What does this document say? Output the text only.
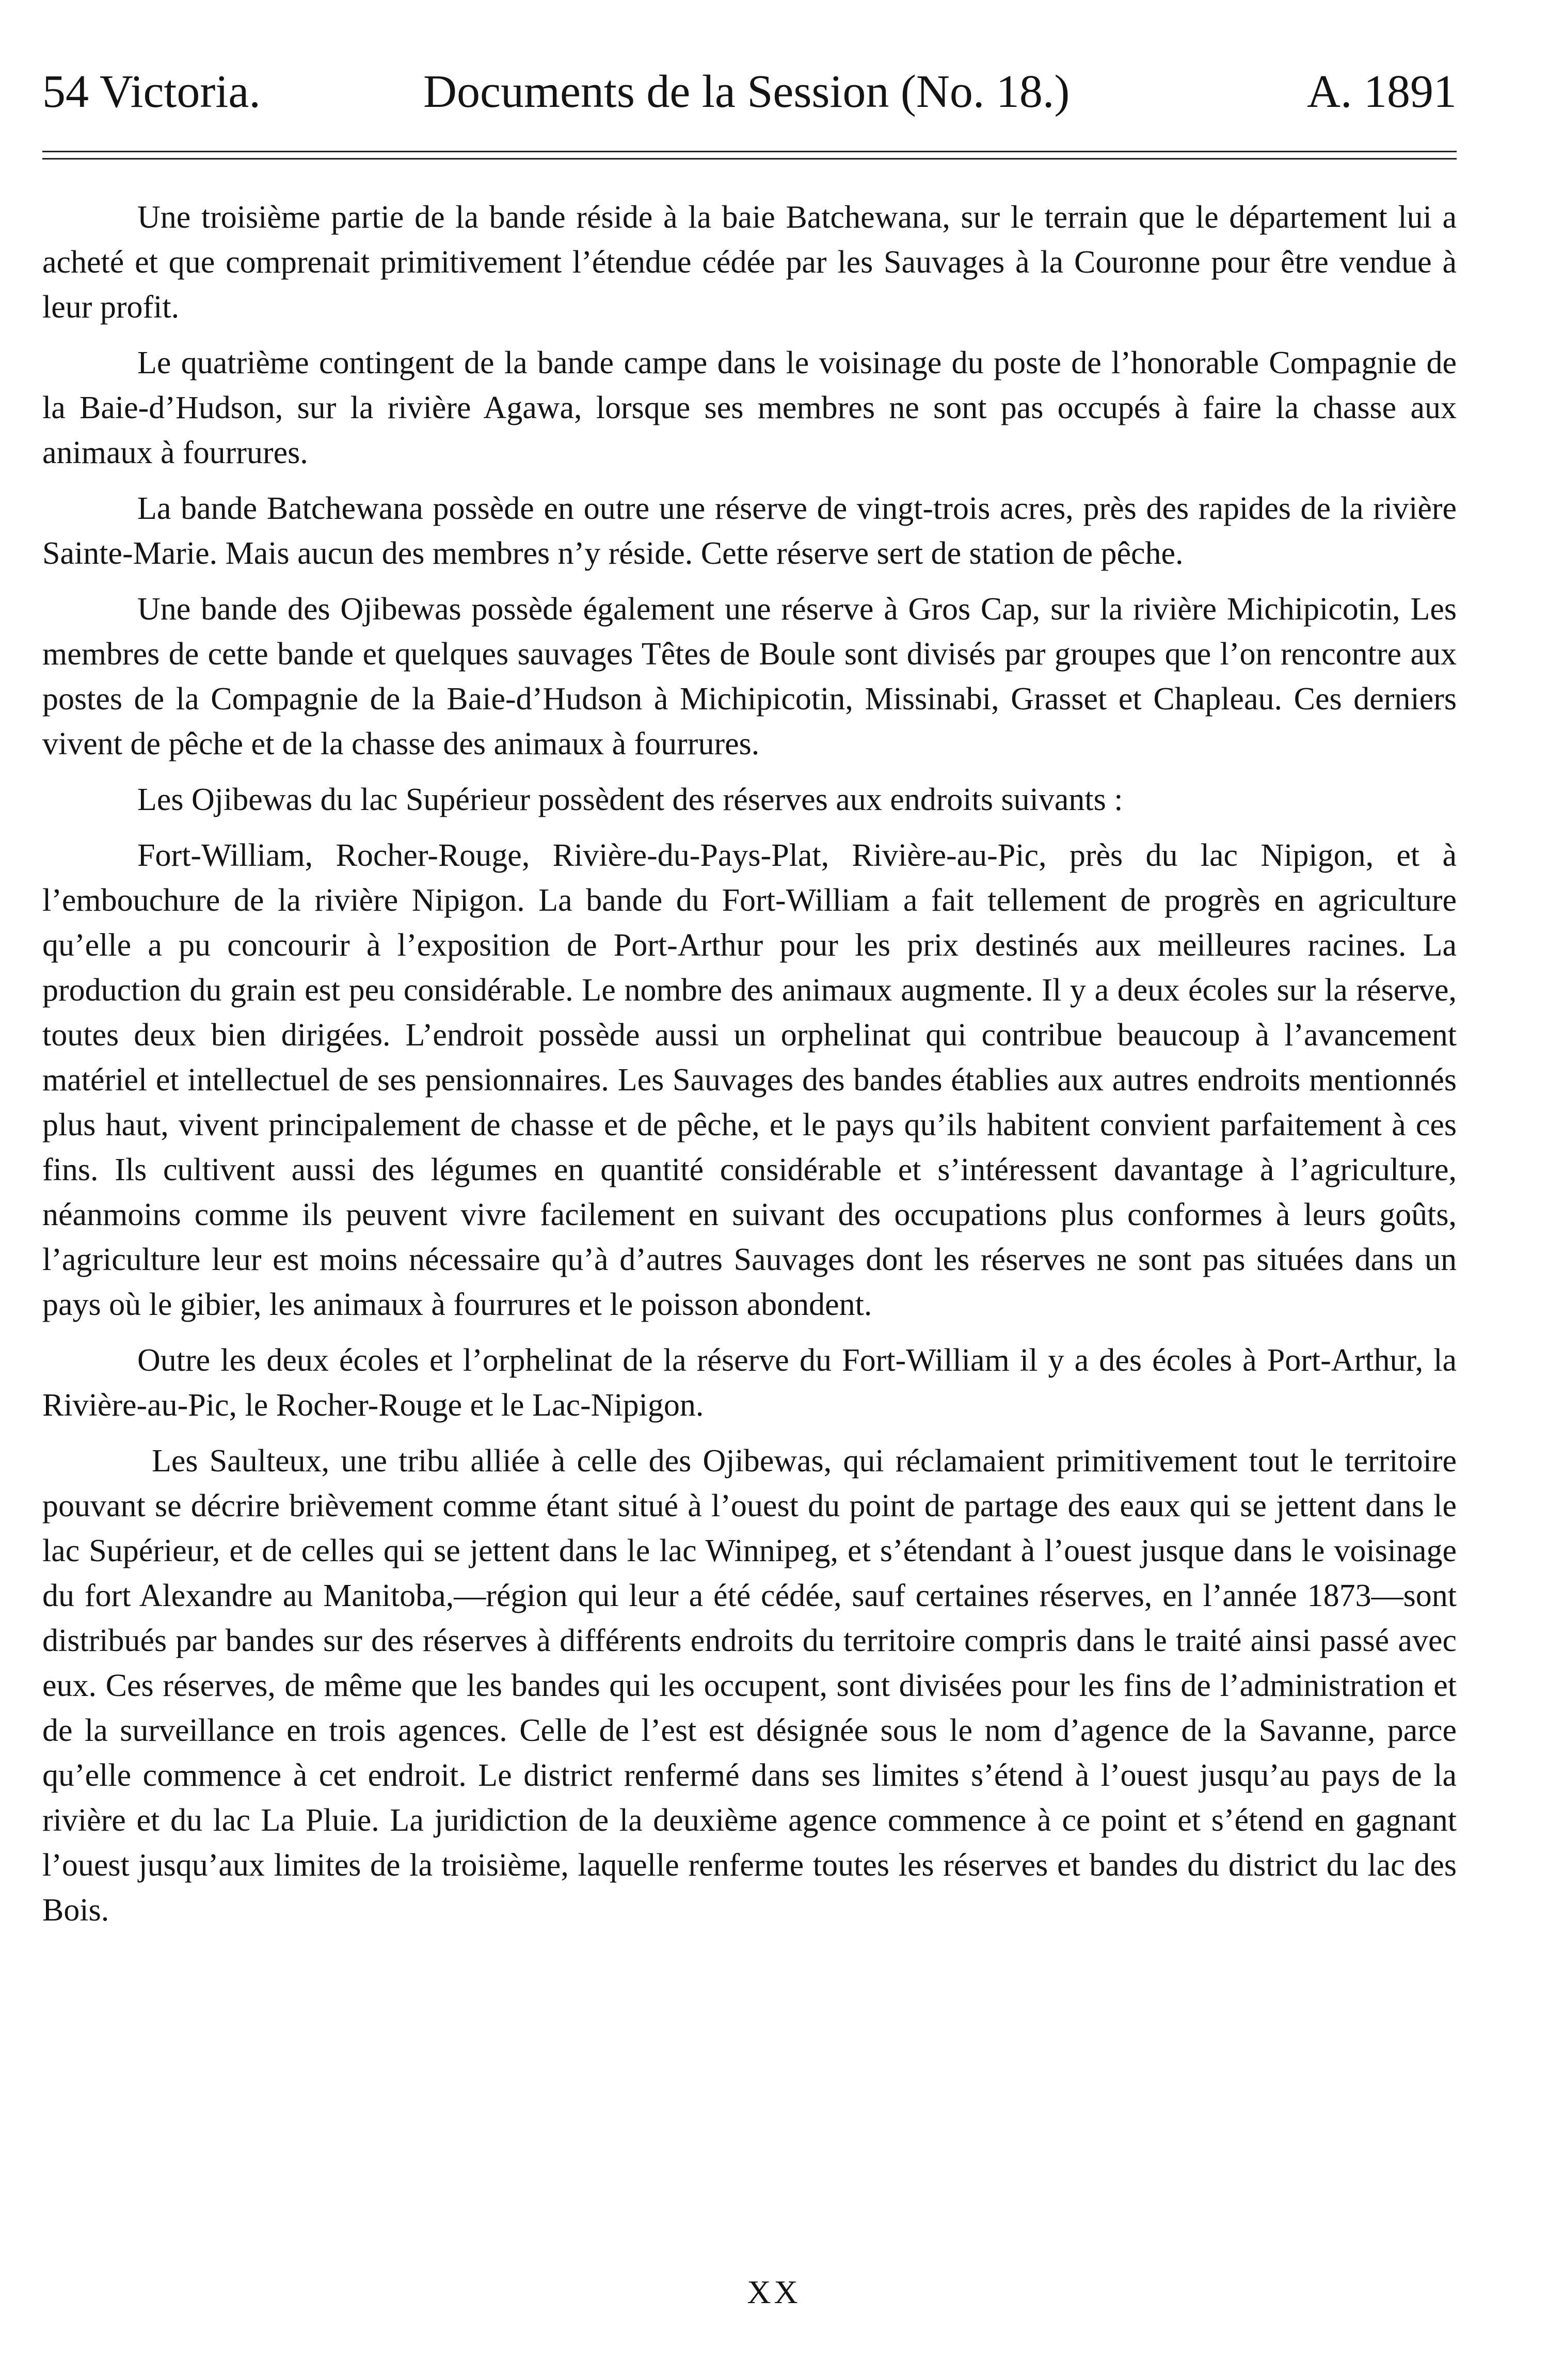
54 Victoria.	Documents de la Session (No. 18.)	A. 1891

Une troisième partie de la bande réside à la baie Batchewana, sur le terrain que le département lui a acheté et que comprenait primitivement l’étendue cédée par les Sauvages à la Couronne pour être vendue à leur profit.

Le quatrième contingent de la bande campe dans le voisinage du poste de l’honorable Compagnie de la Baie-d’Hudson, sur la rivière Agawa, lorsque ses membres ne sont pas occupés à faire la chasse aux animaux à fourrures.

La bande Batchewana possède en outre une réserve de vingt-trois acres, près des rapides de la rivière Sainte-Marie. Mais aucun des membres n’y réside. Cette réserve sert de station de pêche.

Une bande des Ojibewas possède également une réserve à Gros Cap, sur la rivière Michipicotin, Les membres de cette bande et quelques sauvages Têtes de Boule sont divisés par groupes que l’on rencontre aux postes de la Compagnie de la Baie-d’Hudson à Michipicotin, Missinabi, Grasset et Chapleau. Ces derniers vivent de pêche et de la chasse des animaux à fourrures.

Les Ojibewas du lac Supérieur possèdent des réserves aux endroits suivants :

Fort-William, Rocher-Rouge, Rivière-du-Pays-Plat, Rivière-au-Pic, près du lac Nipigon, et à l’embouchure de la rivière Nipigon. La bande du Fort-William a fait tellement de progrès en agriculture qu’elle a pu concourir à l’exposition de Port-Arthur pour les prix destinés aux meilleures racines. La production du grain est peu considérable. Le nombre des animaux augmente. Il y a deux écoles sur la réserve, toutes deux bien dirigées. L’endroit possède aussi un orphelinat qui contribue beaucoup à l’avancement matériel et intellectuel de ses pensionnaires. Les Sauvages des bandes établies aux autres endroits mentionnés plus haut, vivent principalement de chasse et de pêche, et le pays qu’ils habitent convient parfaitement à ces fins. Ils cultivent aussi des légumes en quantité considérable et s’intéressent davantage à l’agriculture, néanmoins comme ils peuvent vivre facilement en suivant des occupations plus conformes à leurs goûts, l’agriculture leur est moins nécessaire qu’à d’autres Sauvages dont les réserves ne sont pas situées dans un pays où le gibier, les animaux à fourrures et le poisson abondent.

Outre les deux écoles et l’orphelinat de la réserve du Fort-William il y a des écoles à Port-Arthur, la Rivière-au-Pic, le Rocher-Rouge et le Lac-Nipigon.

Les Saulteux, une tribu alliée à celle des Ojibewas, qui réclamaient primitivement tout le territoire pouvant se décrire brièvement comme étant situé à l’ouest du point de partage des eaux qui se jettent dans le lac Supérieur, et de celles qui se jettent dans le lac Winnipeg, et s’étendant à l’ouest jusque dans le voisinage du fort Alexandre au Manitoba,—région qui leur a été cédée, sauf certaines réserves, en l’année 1873—sont distribués par bandes sur des réserves à différents endroits du territoire compris dans le traité ainsi passé avec eux. Ces réserves, de même que les bandes qui les occupent, sont divisées pour les fins de l’administration et de la surveillance en trois agences. Celle de l’est est désignée sous le nom d’agence de la Savanne, parce qu’elle commence à cet endroit. Le district renfermé dans ses limites s’étend à l’ouest jusqu’au pays de la rivière et du lac La Pluie. La juridiction de la deuxième agence commence à ce point et s’étend en gagnant l’ouest jusqu’aux limites de la troisième, laquelle renferme toutes les réserves et bandes du district du lac des Bois.

XX
